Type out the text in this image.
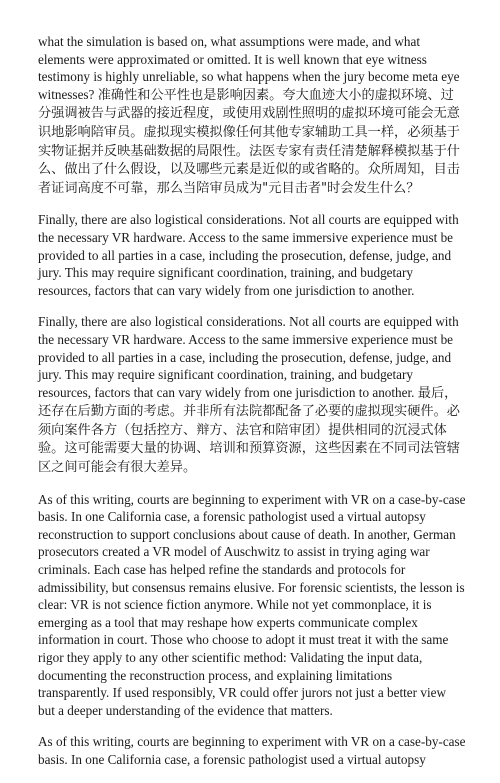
what the simulation is based on, what assumptions were made, and what elements were approximated or omitted. It is well known that eye witness testimony is highly unreliable, so what happens when the jury become meta eye witnesses? 准确性和公平性也是影响因素。夸大血迹大小的虚拟环境、过分强调被告与武器的接近程度，或使用戏剧性照明的虚拟环境可能会无意识地影响陪审员。虚拟现实模拟像任何其他专家辅助工具一样，必须基于实物证据并反映基础数据的局限性。法医专家有责任清楚解释模拟基于什么、做出了什么假设，以及哪些元素是近似的或省略的。众所周知，目击者证词高度不可靠，那么当陪审员成为"元目击者"时会发生什么？

Finally, there are also logistical considerations. Not all courts are equipped with the necessary VR hardware. Access to the same immersive experience must be provided to all parties in a case, including the prosecution, defense, judge, and jury. This may require significant coordination, training, and budgetary resources, factors that can vary widely from one jurisdiction to another.

Finally, there are also logistical considerations. Not all courts are equipped with the necessary VR hardware. Access to the same immersive experience must be provided to all parties in a case, including the prosecution, defense, judge, and jury. This may require significant coordination, training, and budgetary resources, factors that can vary widely from one jurisdiction to another. 最后，还存在后勤方面的考虑。并非所有法院都配备了必要的虚拟现实硬件。必须向案件各方（包括控方、辩方、法官和陪审团）提供相同的沉浸式体验。这可能需要大量的协调、培训和预算资源，这些因素在不同司法管辖区之间可能会有很大差异。

As of this writing, courts are beginning to experiment with VR on a case-by-case basis. In one California case, a forensic pathologist used a virtual autopsy reconstruction to support conclusions about cause of death. In another, German prosecutors created a VR model of Auschwitz to assist in trying aging war criminals. Each case has helped refine the standards and protocols for admissibility, but consensus remains elusive. For forensic scientists, the lesson is clear: VR is not science fiction anymore. While not yet commonplace, it is emerging as a tool that may reshape how experts communicate complex information in court. Those who choose to adopt it must treat it with the same rigor they apply to any other scientific method: Validating the input data, documenting the reconstruction process, and explaining limitations transparently. If used responsibly, VR could offer jurors not just a better view but a deeper understanding of the evidence that matters.

As of this writing, courts are beginning to experiment with VR on a case-by-case basis. In one California case, a forensic pathologist used a virtual autopsy
